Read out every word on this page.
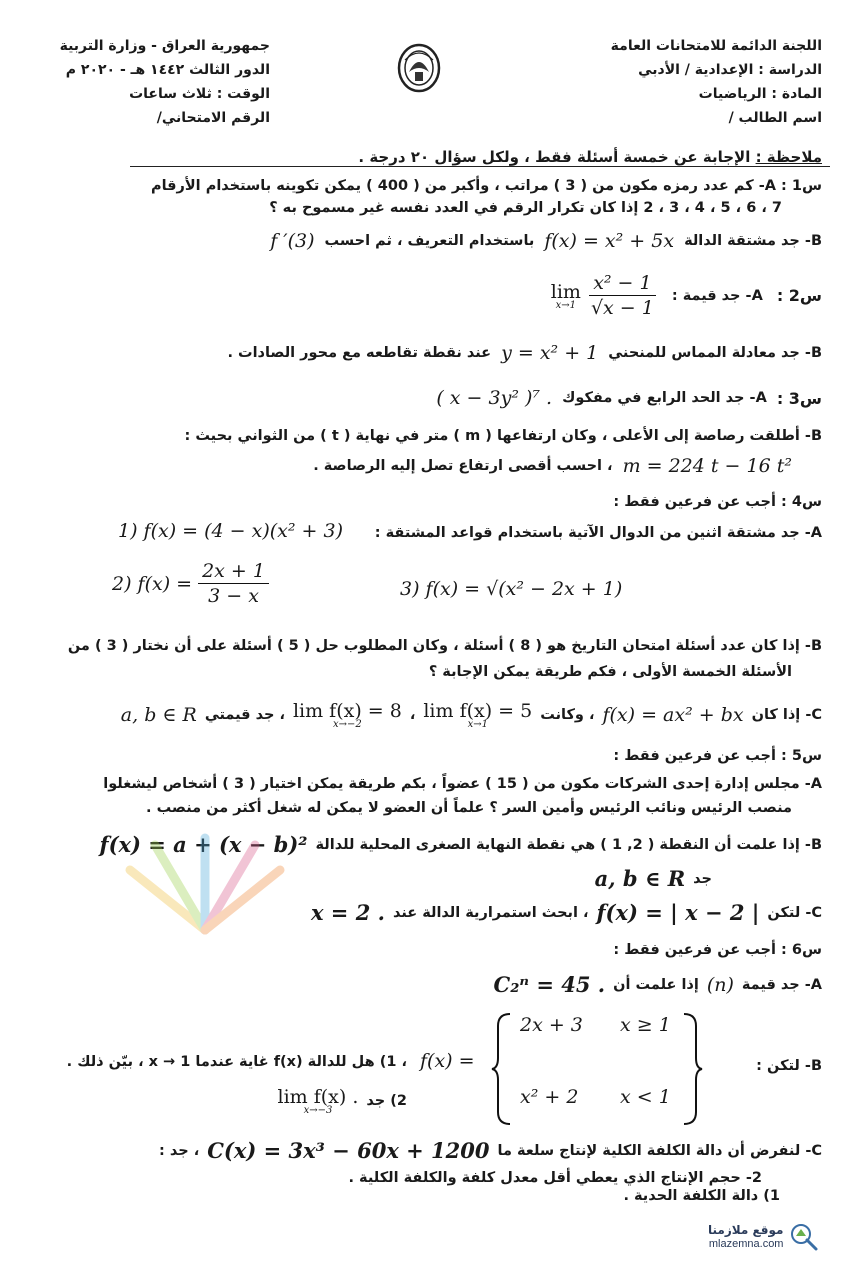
اللجنة الدائمة للامتحانات العامة
الدراسة : الإعدادية / الأدبي
المادة : الرياضيات
اسم الطالب /
جمهورية العراق - وزارة التربية
الدور الثالث ١٤٤٢ هـ - ٢٠٢٠ م
الوقت : ثلاث ساعات
الرقم الامتحاني/
ملاحظة : الإجابة عن خمسة أسئلة فقط ، ولكل سؤال ٢٠ درجة .
س1 : A- كم عدد رمزه مكون من ( 3 ) مراتب ، وأكبر من ( 400 ) يمكن تكوينه باستخدام الأرقام
7 ، 6 ، 5 ، 4 ، 3 ، 2 إذا كان تكرار الرقم في العدد نفسه غير مسموح به ؟
B- جد مشتقة الدالة
f(x) = x² + 5x
باستخدام التعريف ، ثم احسب
f ′(3)
س2 :
A- جد قيمة :
lim
$x\to 1 \frac{\text{x² − 1}}{√x - 1}$
B- جد معادلة المماس للمنحني
y = x² + 1
عند نقطة تقاطعه مع محور الصادات .
س3 :
A- جد الحد الرابع في مفكوك
( x − 3y² )⁷ .
B- أطلقت رصاصة إلى الأعلى ، وكان ارتفاعها ( m ) متر في نهاية ( t ) من الثواني بحيث :
m = 224 t − 16 t²
، احسب أقصى ارتفاع تصل إليه الرصاصة .
س4 : أجب عن فرعين فقط :
A- جد مشتقة اثنين من الدوال الآتية باستخدام قواعد المشتقة :
1) f(x) = (4 − x)(x² + 3)
2) $f(x) = \frac{2x + 1}{3 - x}$	3) f(x) = √(x² − 2x + 1)
B- إذا كان عدد أسئلة امتحان التاريخ هو ( 8 ) أسئلة ، وكان المطلوب حل ( 5 ) أسئلة على أن نختار ( 3 ) من
الأسئلة الخمسة الأولى ، فكم طريقة يمكن الإجابة ؟
C- إذا كان
f(x) = ax² + bx
، وكانت
lim f(x) = 5
x→1
،
lim f(x) = 8
x→−2
، جد قيمتي
a, b ∈ R
س5 : أجب عن فرعين فقط :
A- مجلس إدارة إحدى الشركات مكون من ( 15 ) عضواً ، بكم طريقة يمكن اختيار ( 3 ) أشخاص ليشغلوا
منصب الرئيس ونائب الرئيس وأمين السر ؟ علماً أن العضو لا يمكن له شغل أكثر من منصب .
B- إذا علمت أن النقطة ( 2, 1 ) هي نقطة النهاية الصغرى المحلية للدالة
f(x) = a + (x − b)²
جد
a, b ∈ R
C- لتكن
f(x) = | x − 2 |
، ابحث استمرارية الدالة عند
x = 2 .
س6 : أجب عن فرعين فقط :
A- جد قيمة
(n)
إذا علمت أن
C₂ⁿ = 45 .
B- لتكن :
2x + 3 x ≥ 1
x² + 2 x < 1
f(x) =
، 1) هل للدالة f(x) غاية عندما x → 1 ، بيّن ذلك .
2) جد
lim f(x) .
x→−3
C- لنفرض أن دالة الكلفة الكلية لإنتاج سلعة ما
C(x) = 3x³ − 60x + 1200
، جد :
2- حجم الإنتاج الذي يعطي أقل معدل كلفة والكلفة الكلية .
1) دالة الكلفة الحدية .
موقع ملازمنا
mlazemna.com
